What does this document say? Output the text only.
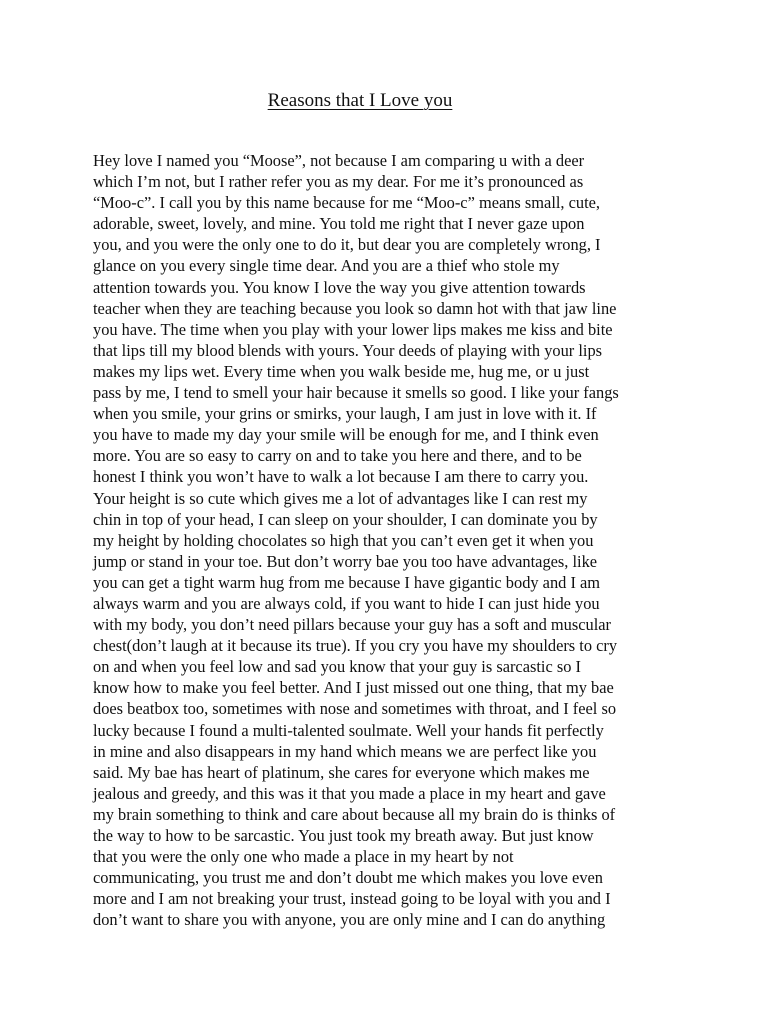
Reasons that I Love you
Hey love I named you “Moose”, not because I am comparing u with a deer
which I’m not, but I rather refer you as my dear. For me it’s pronounced as
“Moo-c”. I call you by this name because for me “Moo-c” means small, cute,
adorable, sweet, lovely, and mine. You told me right that I never gaze upon
you, and you were the only one to do it, but dear you are completely wrong, I
glance on you every single time dear. And you are a thief who stole my
attention towards you. You know I love the way you give attention towards
teacher when they are teaching because you look so damn hot with that jaw line
you have. The time when you play with your lower lips makes me kiss and bite
that lips till my blood blends with yours. Your deeds of playing with your lips
makes my lips wet. Every time when you walk beside me, hug me, or u just
pass by me, I tend to smell your hair because it smells so good. I like your fangs
when you smile, your grins or smirks, your laugh, I am just in love with it. If
you have to made my day your smile will be enough for me, and I think even
more. You are so easy to carry on and to take you here and there, and to be
honest I think you won’t have to walk a lot because I am there to carry you.
Your height is so cute which gives me a lot of advantages like I can rest my
chin in top of your head, I can sleep on your shoulder, I can dominate you by
my height by holding chocolates so high that you can’t even get it when you
jump or stand in your toe. But don’t worry bae you too have advantages, like
you can get a tight warm hug from me because I have gigantic body and I am
always warm and you are always cold, if you want to hide I can just hide you
with my body, you don’t need pillars because your guy has a soft and muscular
chest(don’t laugh at it because its true). If you cry you have my shoulders to cry
on and when you feel low and sad you know that your guy is sarcastic so I
know how to make you feel better. And I just missed out one thing, that my bae
does beatbox too, sometimes with nose and sometimes with throat, and I feel so
lucky because I found a multi-talented soulmate. Well your hands fit perfectly
in mine and also disappears in my hand which means we are perfect like you
said. My bae has heart of platinum, she cares for everyone which makes me
jealous and greedy, and this was it that you made a place in my heart and gave
my brain something to think and care about because all my brain do is thinks of
the way to how to be sarcastic. You just took my breath away. But just know
that you were the only one who made a place in my heart by not
communicating, you trust me and don’t doubt me which makes you love even
more and I am not breaking your trust, instead going to be loyal with you and I
don’t want to share you with anyone, you are only mine and I can do anything
